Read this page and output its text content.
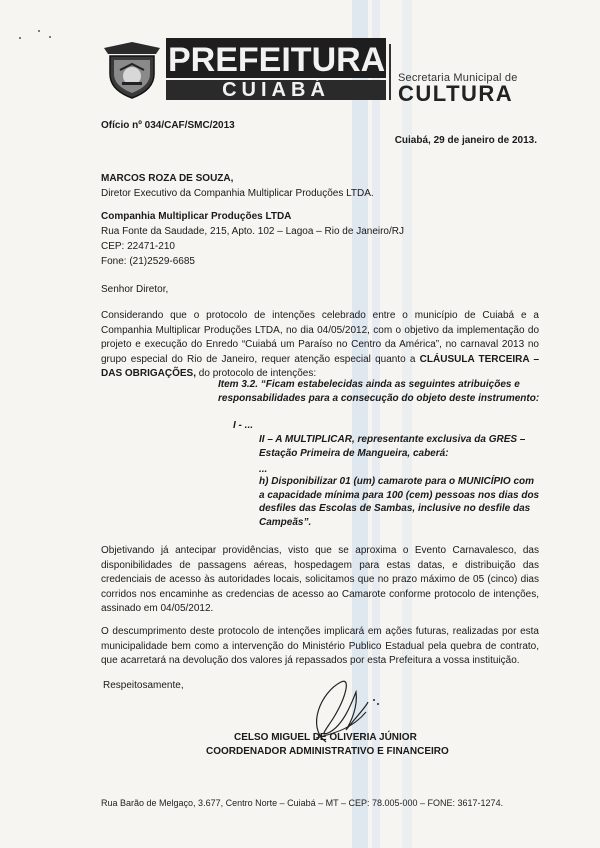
PREFEITURA
CUIABÁ
Secretaria Municipal de
CULTURA
Ofício nº 034/CAF/SMC/2013
Cuiabá, 29 de janeiro de 2013.
MARCOS ROZA DE SOUZA,
Diretor Executivo da Companhia Multiplicar Produções LTDA.
Companhia Multiplicar Produções LTDA
Rua Fonte da Saudade, 215, Apto. 102 – Lagoa – Rio de Janeiro/RJ
CEP: 22471-210
Fone: (21)2529-6685
Senhor Diretor,
Considerando que o protocolo de intenções celebrado entre o município de Cuiabá e a Companhia Multiplicar Produções LTDA, no dia 04/05/2012, com o objetivo da implementação do projeto e execução do Enredo “Cuiabá um Paraíso no Centro da América”, no carnaval 2013 no grupo especial do Rio de Janeiro, requer atenção especial quanto a CLÁUSULA TERCEIRA – DAS OBRIGAÇÕES, do protocolo de intenções:
Item 3.2. “Ficam estabelecidas ainda as seguintes atribuições e responsabilidades para a consecução do objeto deste instrumento:
I - ...
II – A MULTIPLICAR, representante exclusiva da GRES – Estação Primeira de Mangueira, caberá:
...
h) Disponibilizar 01 (um) camarote para o MUNICÍPIO com a capacidade mínima para 100 (cem) pessoas nos dias dos desfiles das Escolas de Sambas, inclusive no desfile das Campeãs”.
Objetivando já antecipar providências, visto que se aproxima o Evento Carnavalesco, das disponibilidades de passagens aéreas, hospedagem para estas datas, e distribuição das credenciais de acesso às autoridades locais, solicitamos que no prazo máximo de 05 (cinco) dias corridos nos encaminhe as credencias de acesso ao Camarote conforme protocolo de intenções, assinado em 04/05/2012.
O descumprimento deste protocolo de intenções implicará em ações futuras, realizadas por esta municipalidade bem como a intervenção do Ministério Publico Estadual pela quebra de contrato, que acarretará na devolução dos valores já repassados por esta Prefeitura a vossa instituição.
Respeitosamente,
CELSO MIGUEL DE OLIVERIA JÚNIOR
COORDENADOR ADMINISTRATIVO E FINANCEIRO
Rua Barão de Melgaço, 3.677, Centro Norte – Cuiabá – MT – CEP: 78.005-000 – FONE: 3617-1274.
